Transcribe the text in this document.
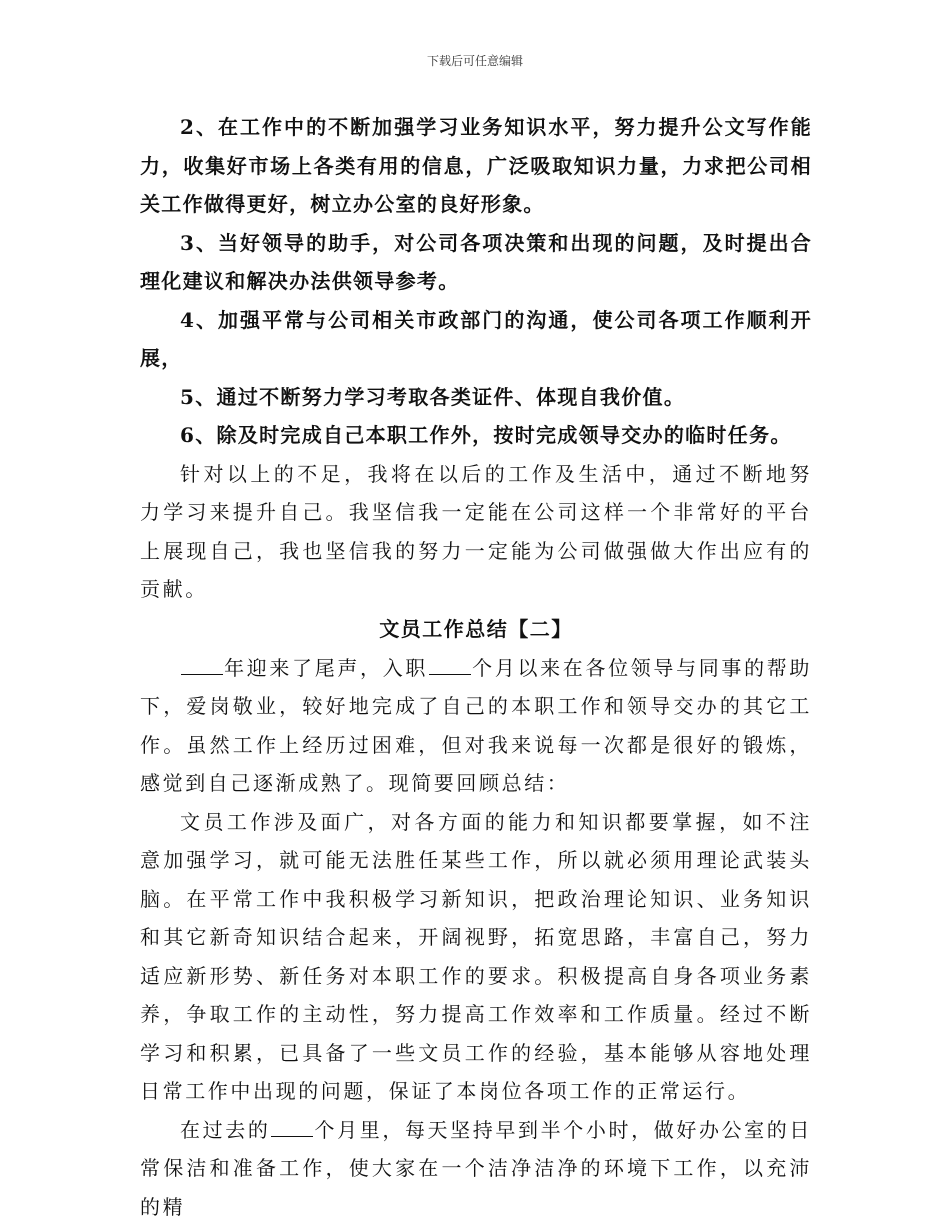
下载后可任意编辑

2、在工作中的不断加强学习业务知识水平，努力提升公文写作能力，收集好市场上各类有用的信息，广泛吸取知识力量，力求把公司相关工作做得更好，树立办公室的良好形象。

3、当好领导的助手，对公司各项决策和出现的问题，及时提出合理化建议和解决办法供领导参考。

4、加强平常与公司相关市政部门的沟通，使公司各项工作顺利开展，

5、通过不断努力学习考取各类证件、体现自我价值。

6、除及时完成自己本职工作外，按时完成领导交办的临时任务。

针对以上的不足，我将在以后的工作及生活中，通过不断地努力学习来提升自己。我坚信我一定能在公司这样一个非常好的平台上展现自己，我也坚信我的努力一定能为公司做强做大作出应有的贡献。

文员工作总结【二】

年迎来了尾声，入职 个月以来在各位领导与同事的帮助下，爱岗敬业，较好地完成了自己的本职工作和领导交办的其它工作。虽然工作上经历过困难，但对我来说每一次都是很好的锻炼，感觉到自己逐渐成熟了。现简要回顾总结：

文员工作涉及面广，对各方面的能力和知识都要掌握，如不注意加强学习，就可能无法胜任某些工作，所以就必须用理论武装头脑。在平常工作中我积极学习新知识，把政治理论知识、业务知识和其它新奇知识结合起来，开阔视野，拓宽思路，丰富自己，努力适应新形势、新任务对本职工作的要求。积极提高自身各项业务素养，争取工作的主动性，努力提高工作效率和工作质量。经过不断学习和积累，已具备了一些文员工作的经验，基本能够从容地处理日常工作中出现的问题，保证了本岗位各项工作的正常运行。

在过去的 个月里，每天坚持早到半个小时，做好办公室的日常保洁和准备工作，使大家在一个洁净洁净的环境下工作，以充沛的精
